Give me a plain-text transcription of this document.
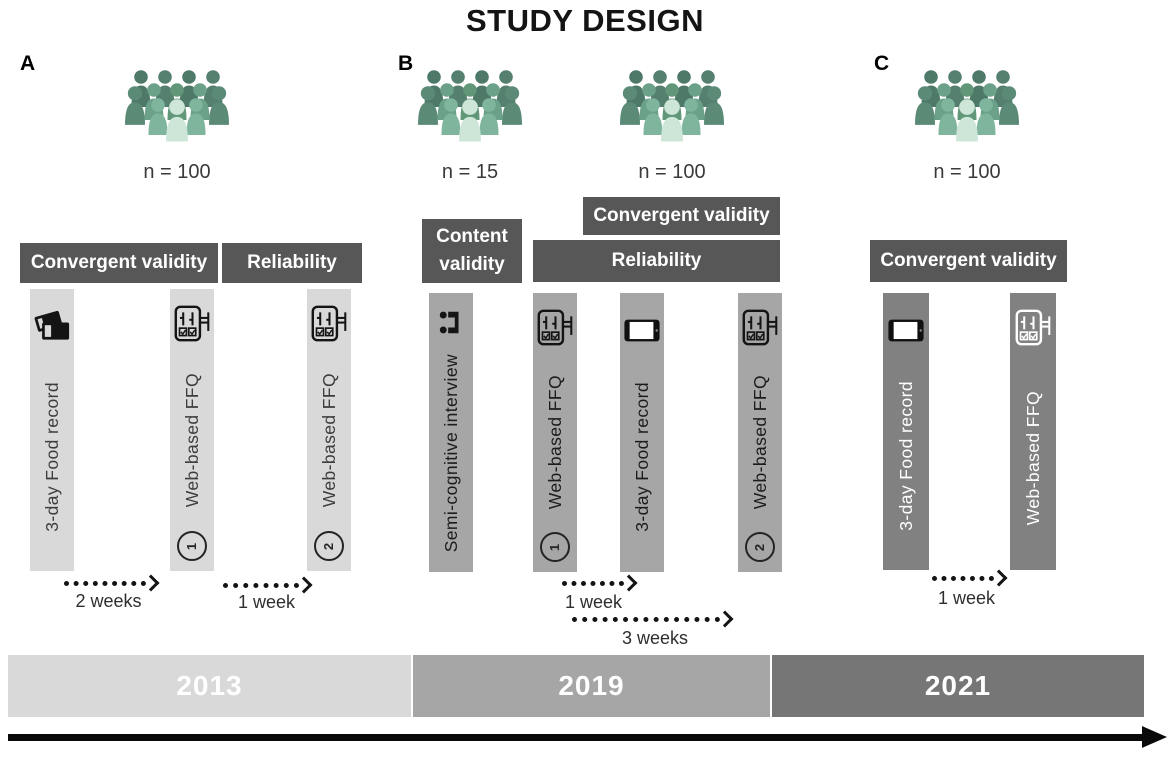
STUDY DESIGN
A
n = 100
Convergent validity	Reliability
3-day Food record	Web-based FFQ
1
Web-based FFQ
2
2 weeks	1 week
B
n = 15	n = 100
Content validity
Convergent validity
Reliability
Semi-cognitive interview	Web-based FFQ
1
3-day Food record	Web-based FFQ
2
1 week
3 weeks
C
n = 100
Convergent validity
3-day Food record	Web-based FFQ
1 week
2013	2019	2021
